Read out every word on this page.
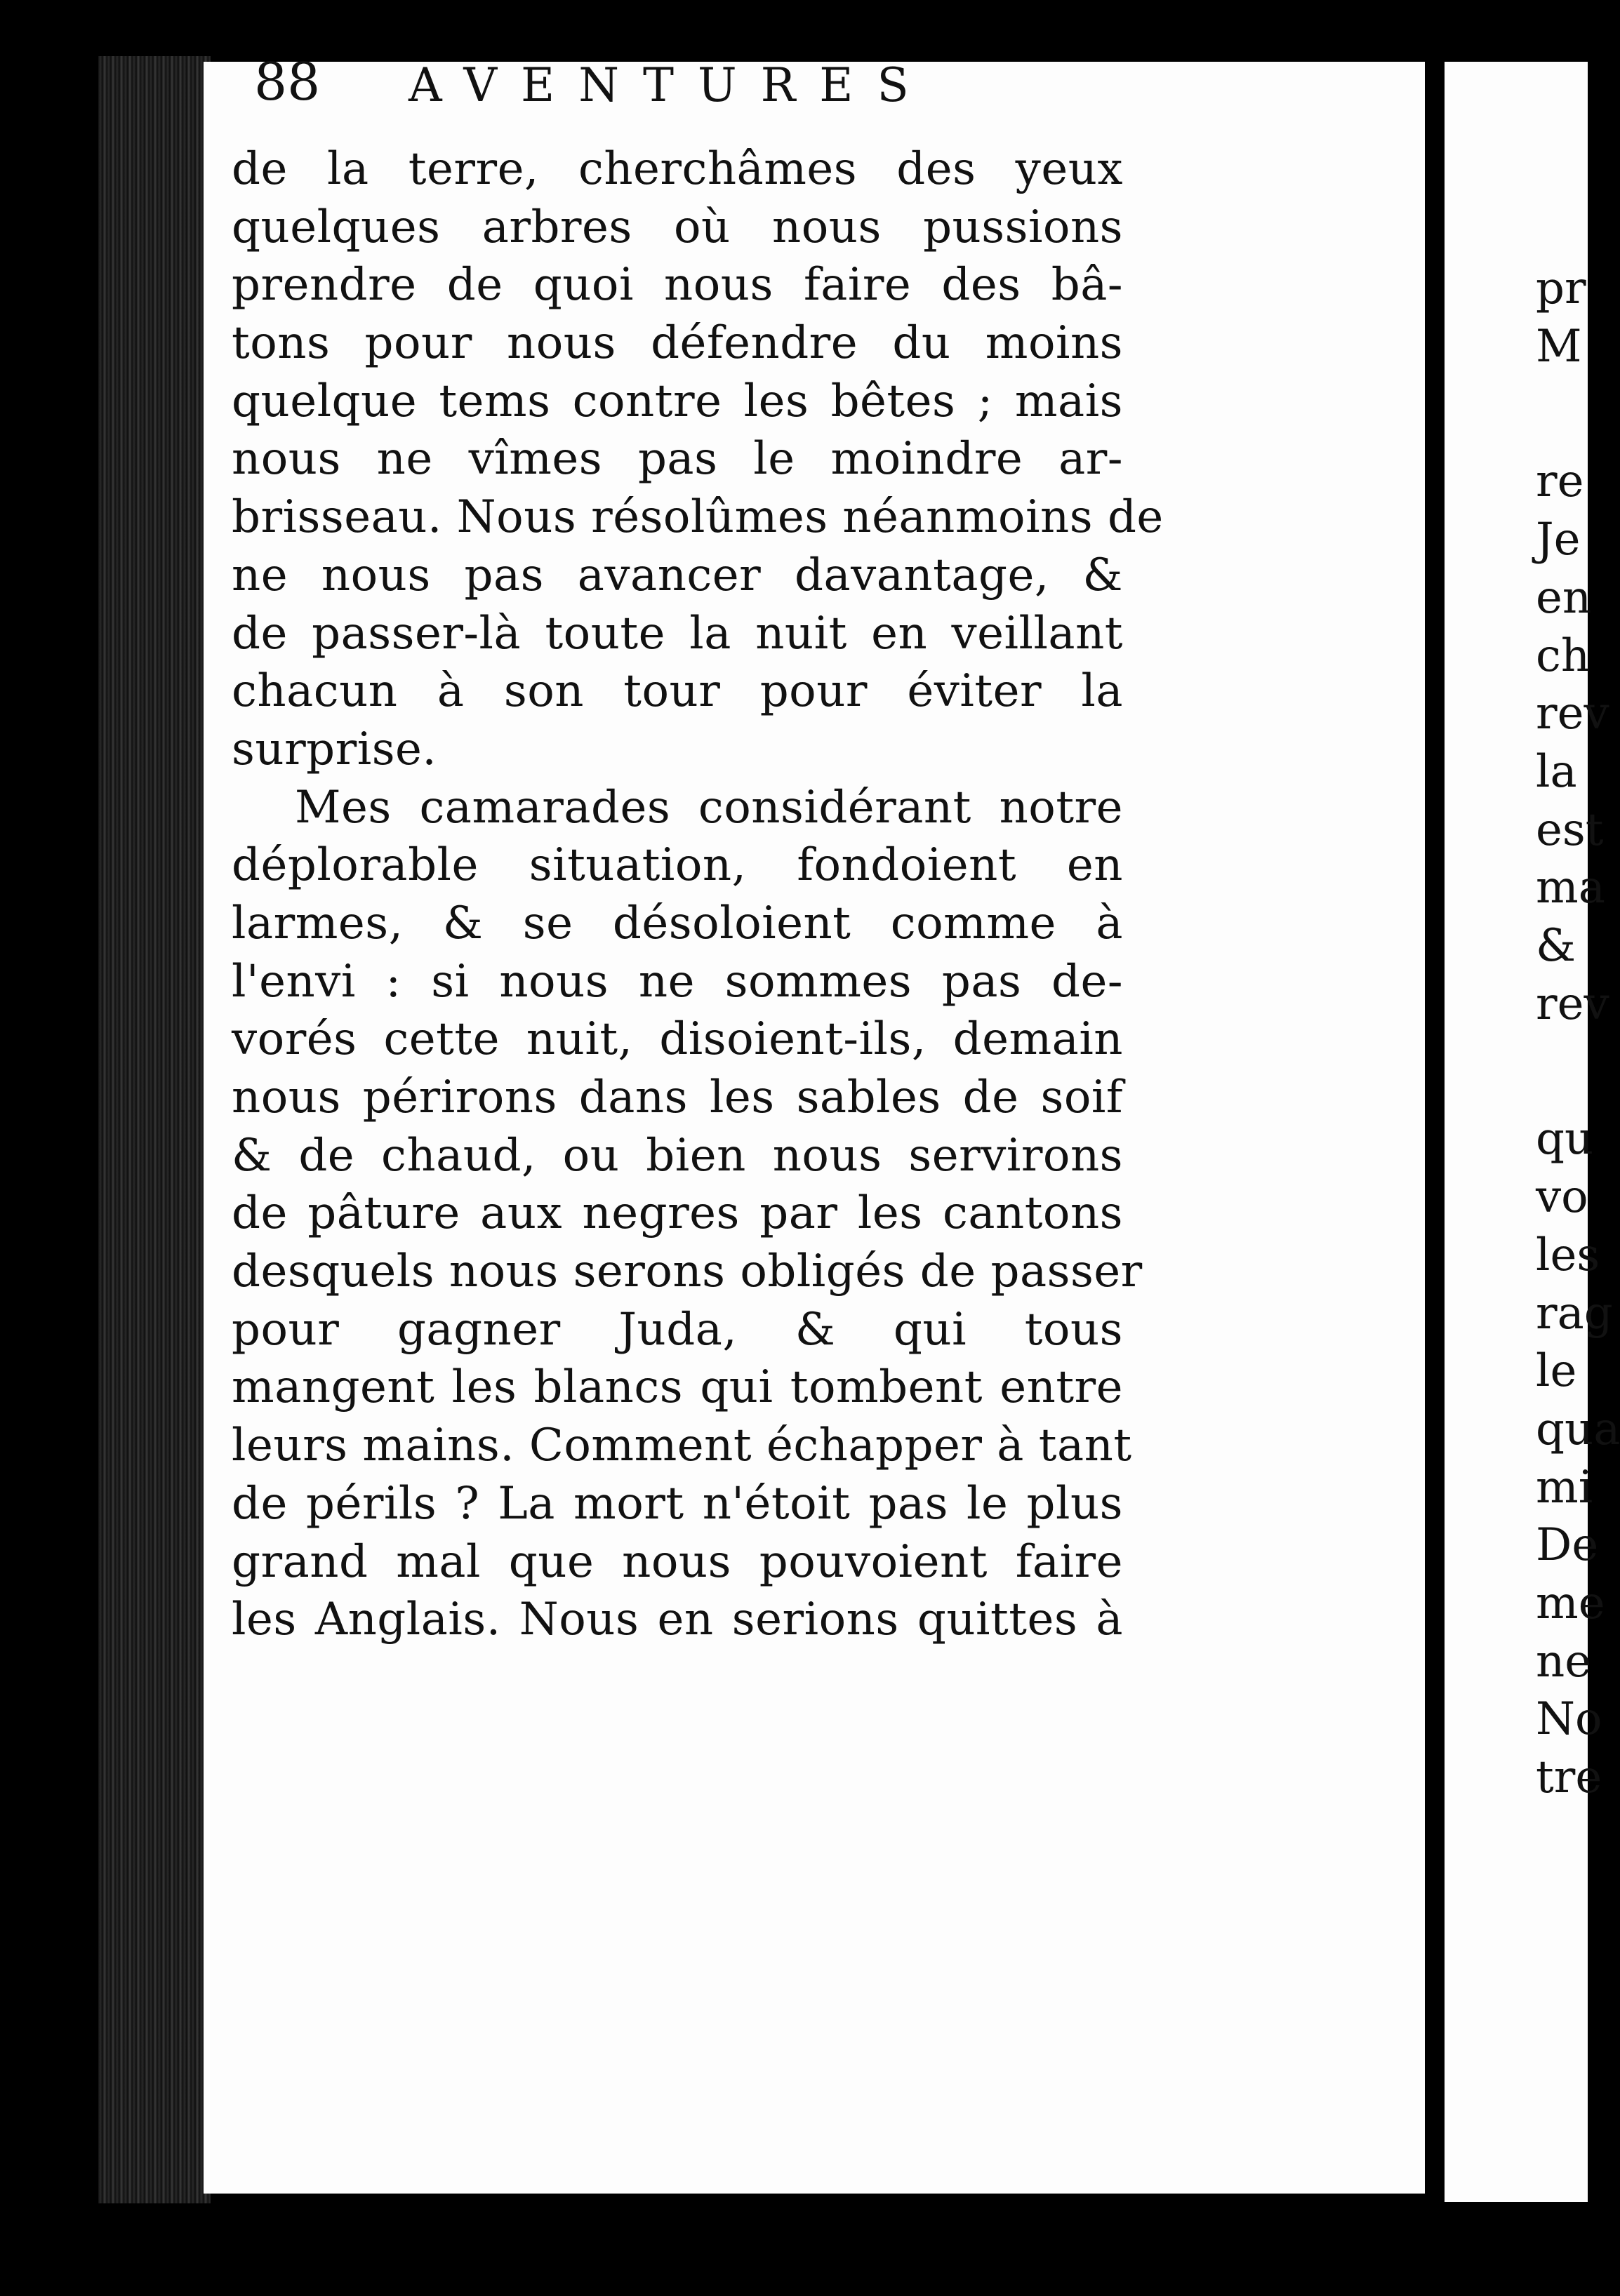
88	AVENTURES
de la terre, cherchâmes des yeux
quelques arbres où nous pussions
prendre de quoi nous faire des bâ-
tons pour nous défendre du moins
quelque tems contre les bêtes ; mais
nous ne vîmes pas le moindre ar-
brisseau. Nous résolûmes néanmoins de
ne nous pas avancer davantage, &
de passer-là toute la nuit en veillant
chacun à son tour pour éviter la
surprise.
Mes camarades considérant notre
déplorable situation, fondoient en
larmes, & se désoloient comme à
l'envi : si nous ne sommes pas de-
vorés cette nuit, disoient-ils, demain
nous périrons dans les sables de soif
& de chaud, ou bien nous servirons
de pâture aux negres par les cantons
desquels nous serons obligés de passer
pour gagner Juda, & qui tous
mangent les blancs qui tombent entre
leurs mains. Comment échapper à tant
de périls ? La mort n'étoit pas le plus
grand mal que nous pouvoient faire
les Anglais. Nous en serions quittes à
pr
M
re
Je
en
ch
rev
la
est
ma
&
rev
qu
vo
les
rag
le
qua
mi
De
me
ne
No
tre
